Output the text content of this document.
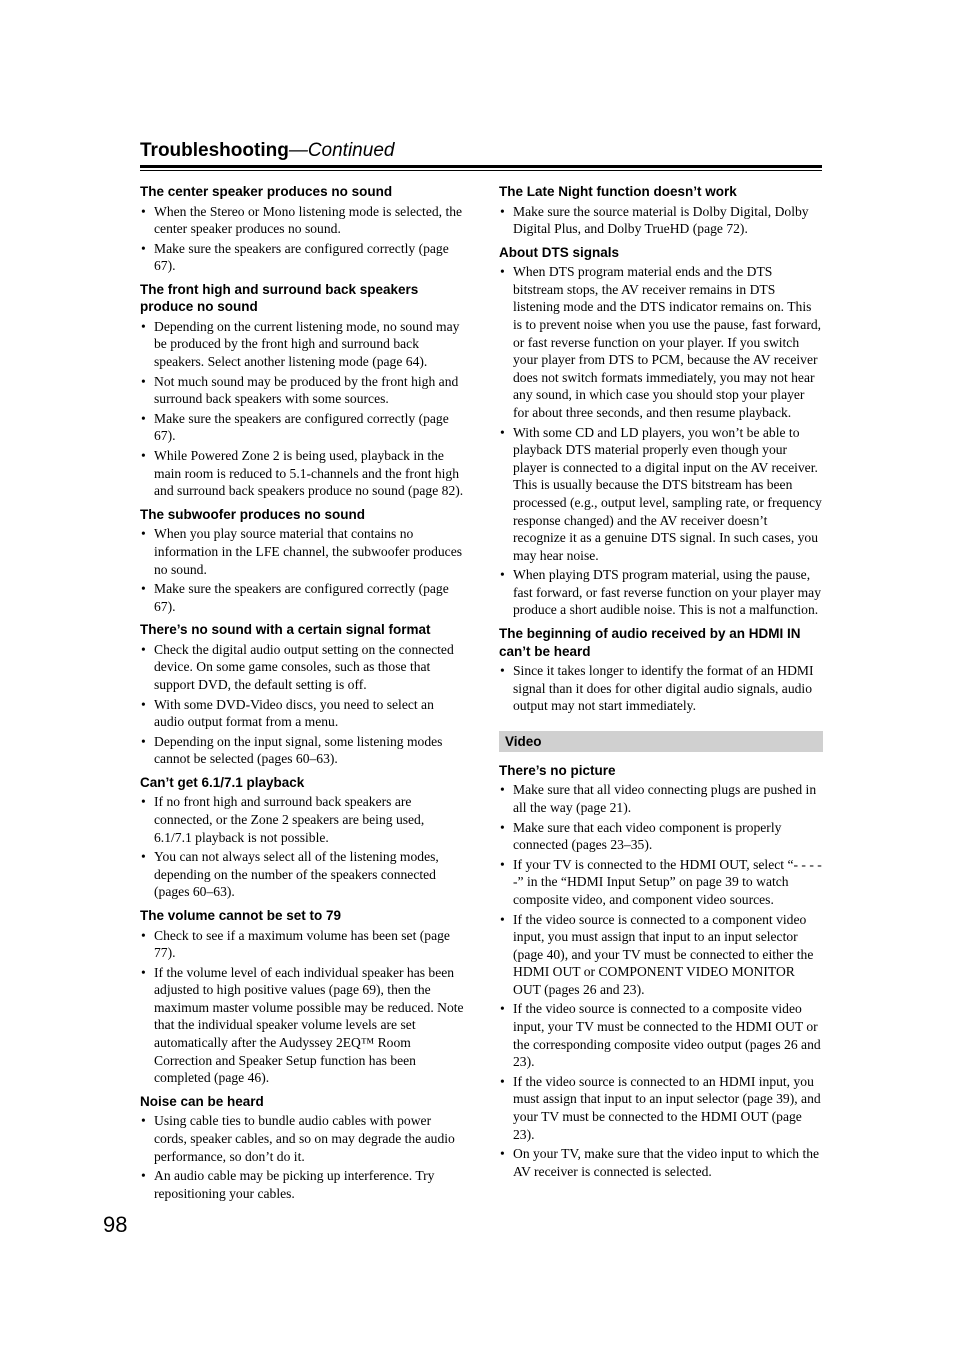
Troubleshooting—Continued
The center speaker produces no sound
• When the Stereo or Mono listening mode is selected, the center speaker produces no sound.
• Make sure the speakers are configured correctly (page 67).
The front high and surround back speakers produce no sound
• Depending on the current listening mode, no sound may be produced by the front high and surround back speakers. Select another listening mode (page 64).
• Not much sound may be produced by the front high and surround back speakers with some sources.
• Make sure the speakers are configured correctly (page 67).
• While Powered Zone 2 is being used, playback in the main room is reduced to 5.1-channels and the front high and surround back speakers produce no sound (page 82).
The subwoofer produces no sound
• When you play source material that contains no information in the LFE channel, the subwoofer produces no sound.
• Make sure the speakers are configured correctly (page 67).
There’s no sound with a certain signal format
• Check the digital audio output setting on the connected device. On some game consoles, such as those that support DVD, the default setting is off.
• With some DVD-Video discs, you need to select an audio output format from a menu.
• Depending on the input signal, some listening modes cannot be selected (pages 60–63).
Can’t get 6.1/7.1 playback
• If no front high and surround back speakers are connected, or the Zone 2 speakers are being used, 6.1/7.1 playback is not possible.
• You can not always select all of the listening modes, depending on the number of the speakers connected (pages 60–63).
The volume cannot be set to 79
• Check to see if a maximum volume has been set (page 77).
• If the volume level of each individual speaker has been adjusted to high positive values (page 69), then the maximum master volume possible may be reduced. Note that the individual speaker volume levels are set automatically after the Audyssey 2EQ™ Room Correction and Speaker Setup function has been completed (page 46).
Noise can be heard
• Using cable ties to bundle audio cables with power cords, speaker cables, and so on may degrade the audio performance, so don’t do it.
• An audio cable may be picking up interference. Try repositioning your cables.
The Late Night function doesn’t work
• Make sure the source material is Dolby Digital, Dolby Digital Plus, and Dolby TrueHD (page 72).
About DTS signals
• When DTS program material ends and the DTS bitstream stops, the AV receiver remains in DTS listening mode and the DTS indicator remains on. This is to prevent noise when you use the pause, fast forward, or fast reverse function on your player. If you switch your player from DTS to PCM, because the AV receiver does not switch formats immediately, you may not hear any sound, in which case you should stop your player for about three seconds, and then resume playback.
• With some CD and LD players, you won’t be able to playback DTS material properly even though your player is connected to a digital input on the AV receiver. This is usually because the DTS bitstream has been processed (e.g., output level, sampling rate, or frequency response changed) and the AV receiver doesn’t recognize it as a genuine DTS signal. In such cases, you may hear noise.
• When playing DTS program material, using the pause, fast forward, or fast reverse function on your player may produce a short audible noise. This is not a malfunction.
The beginning of audio received by an HDMI IN can’t be heard
• Since it takes longer to identify the format of an HDMI signal than it does for other digital audio signals, audio output may not start immediately.
Video
There’s no picture
• Make sure that all video connecting plugs are pushed in all the way (page 21).
• Make sure that each video component is properly connected (pages 23–35).
• If your TV is connected to the HDMI OUT, select “- - - - -” in the “HDMI Input Setup” on page 39 to watch composite video, and component video sources.
• If the video source is connected to a component video input, you must assign that input to an input selector (page 40), and your TV must be connected to either the HDMI OUT or COMPONENT VIDEO MONITOR OUT (pages 26 and 23).
• If the video source is connected to a composite video input, your TV must be connected to the HDMI OUT or the corresponding composite video output (pages 26 and 23).
• If the video source is connected to an HDMI input, you must assign that input to an input selector (page 39), and your TV must be connected to the HDMI OUT (page 23).
• On your TV, make sure that the video input to which the AV receiver is connected is selected.
98
